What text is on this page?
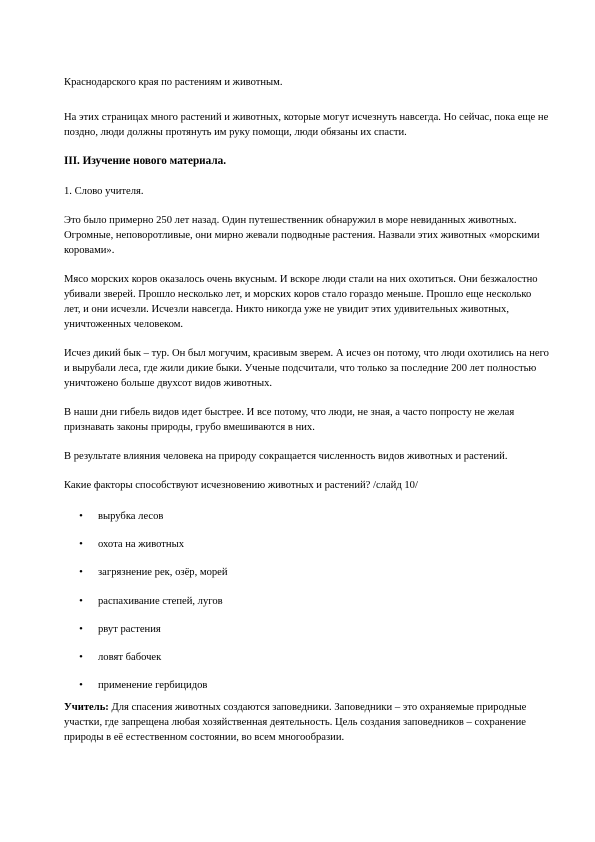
Краснодарского края по растениям и животным.

На этих страницах много растений и животных, которые могут исчезнуть навсегда. Но сейчас, пока еще не поздно, люди должны протянуть им руку помощи, люди обязаны их спасти.

III. Изучение нового материала.

1. Слово учителя.

Это было примерно 250 лет назад. Один путешественник обнаружил в море невиданных животных. Огромные, неповоротливые, они мирно жевали подводные растения. Назвали этих животных «морскими коровами».

Мясо морских коров оказалось очень вкусным. И вскоре люди стали на них охотиться. Они безжалостно убивали зверей. Прошло несколько лет, и морских коров стало гораздо меньше. Прошло еще несколько лет, и они исчезли. Исчезли навсегда. Никто никогда уже не увидит этих удивительных животных, уничтоженных человеком.

Исчез дикий бык – тур. Он был могучим, красивым зверем. А исчез он потому, что люди охотились на него и вырубали леса, где жили дикие быки. Ученые подсчитали, что только за последние 200 лет полностью уничтожено больше двухсот видов животных.

В наши дни гибель видов идет быстрее. И все потому, что люди, не зная, а часто попросту не желая признавать законы природы, грубо вмешиваются в них.

В результате влияния человека на природу сокращается численность видов животных и растений.

Какие факторы способствуют исчезновению животных и растений? /слайд 10/

• вырубка лесов
• охота на животных
• загрязнение рек, озёр, морей
• распахивание степей, лугов
• рвут растения
• ловят бабочек
• применение гербицидов

Учитель: Для спасения животных создаются заповедники. Заповедники – это охраняемые природные участки, где запрещена любая хозяйственная деятельность. Цель создания заповедников – сохранение природы в её естественном состоянии, во всем многообразии.
